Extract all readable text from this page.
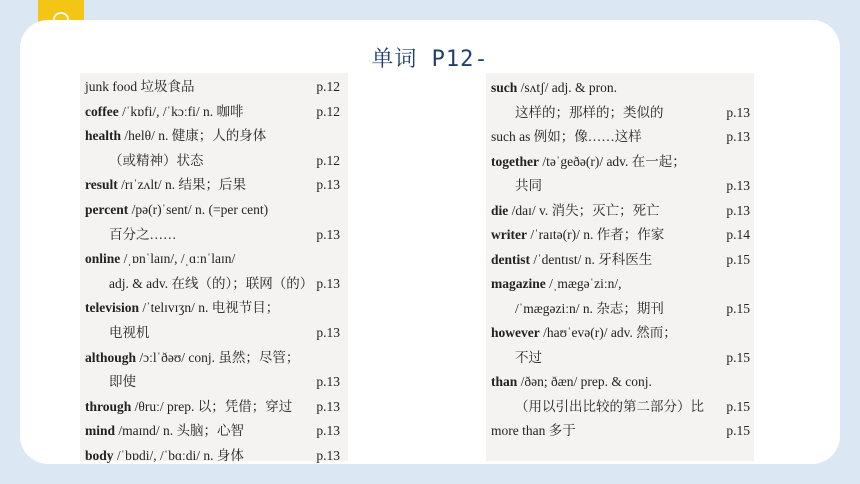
单词 P12-
junk food 垃圾食品	p.12
coffee /ˈkɒfi/, /ˈkɔːfi/ n. 咖啡	p.12
health /helθ/ n. 健康；人的身体
（或精神）状态	p.12
result /rɪˈzʌlt/ n. 结果；后果	p.13
percent /pə(r)ˈsent/ n. (=per cent)
百分之……	p.13
online /ˌɒnˈlaɪn/, /ˌɑːnˈlaɪn/
adj. & adv. 在线（的）；联网（的） p.13
television /ˈtelɪvɪʒn/ n. 电视节目；
电视机	p.13
although /ɔːlˈðəʊ/ conj. 虽然；尽管；
即使	p.13
through /θruː/ prep. 以；凭借；穿过 p.13
mind /maɪnd/ n. 头脑；心智	p.13
body /ˈbɒdi/, /ˈbɑːdi/ n. 身体	p.13
such /sʌtʃ/ adj. & pron.
这样的；那样的；类似的	p.13
such as 例如；像……这样	p.13
together /təˈgeðə(r)/ adv. 在一起；
共同	p.13
die /daɪ/ v. 消失；灭亡；死亡	p.13
writer /ˈraɪtə(r)/ n. 作者；作家	p.14
dentist /ˈdentɪst/ n. 牙科医生	p.15
magazine /ˌmægəˈziːn/,
/ˈmægəziːn/ n. 杂志；期刊	p.15
however /haʊˈevə(r)/ adv. 然而；
不过	p.15
than /ðən; ðæn/ prep. & conj.
（用以引出比较的第二部分）比 p.15
more than 多于	p.15
